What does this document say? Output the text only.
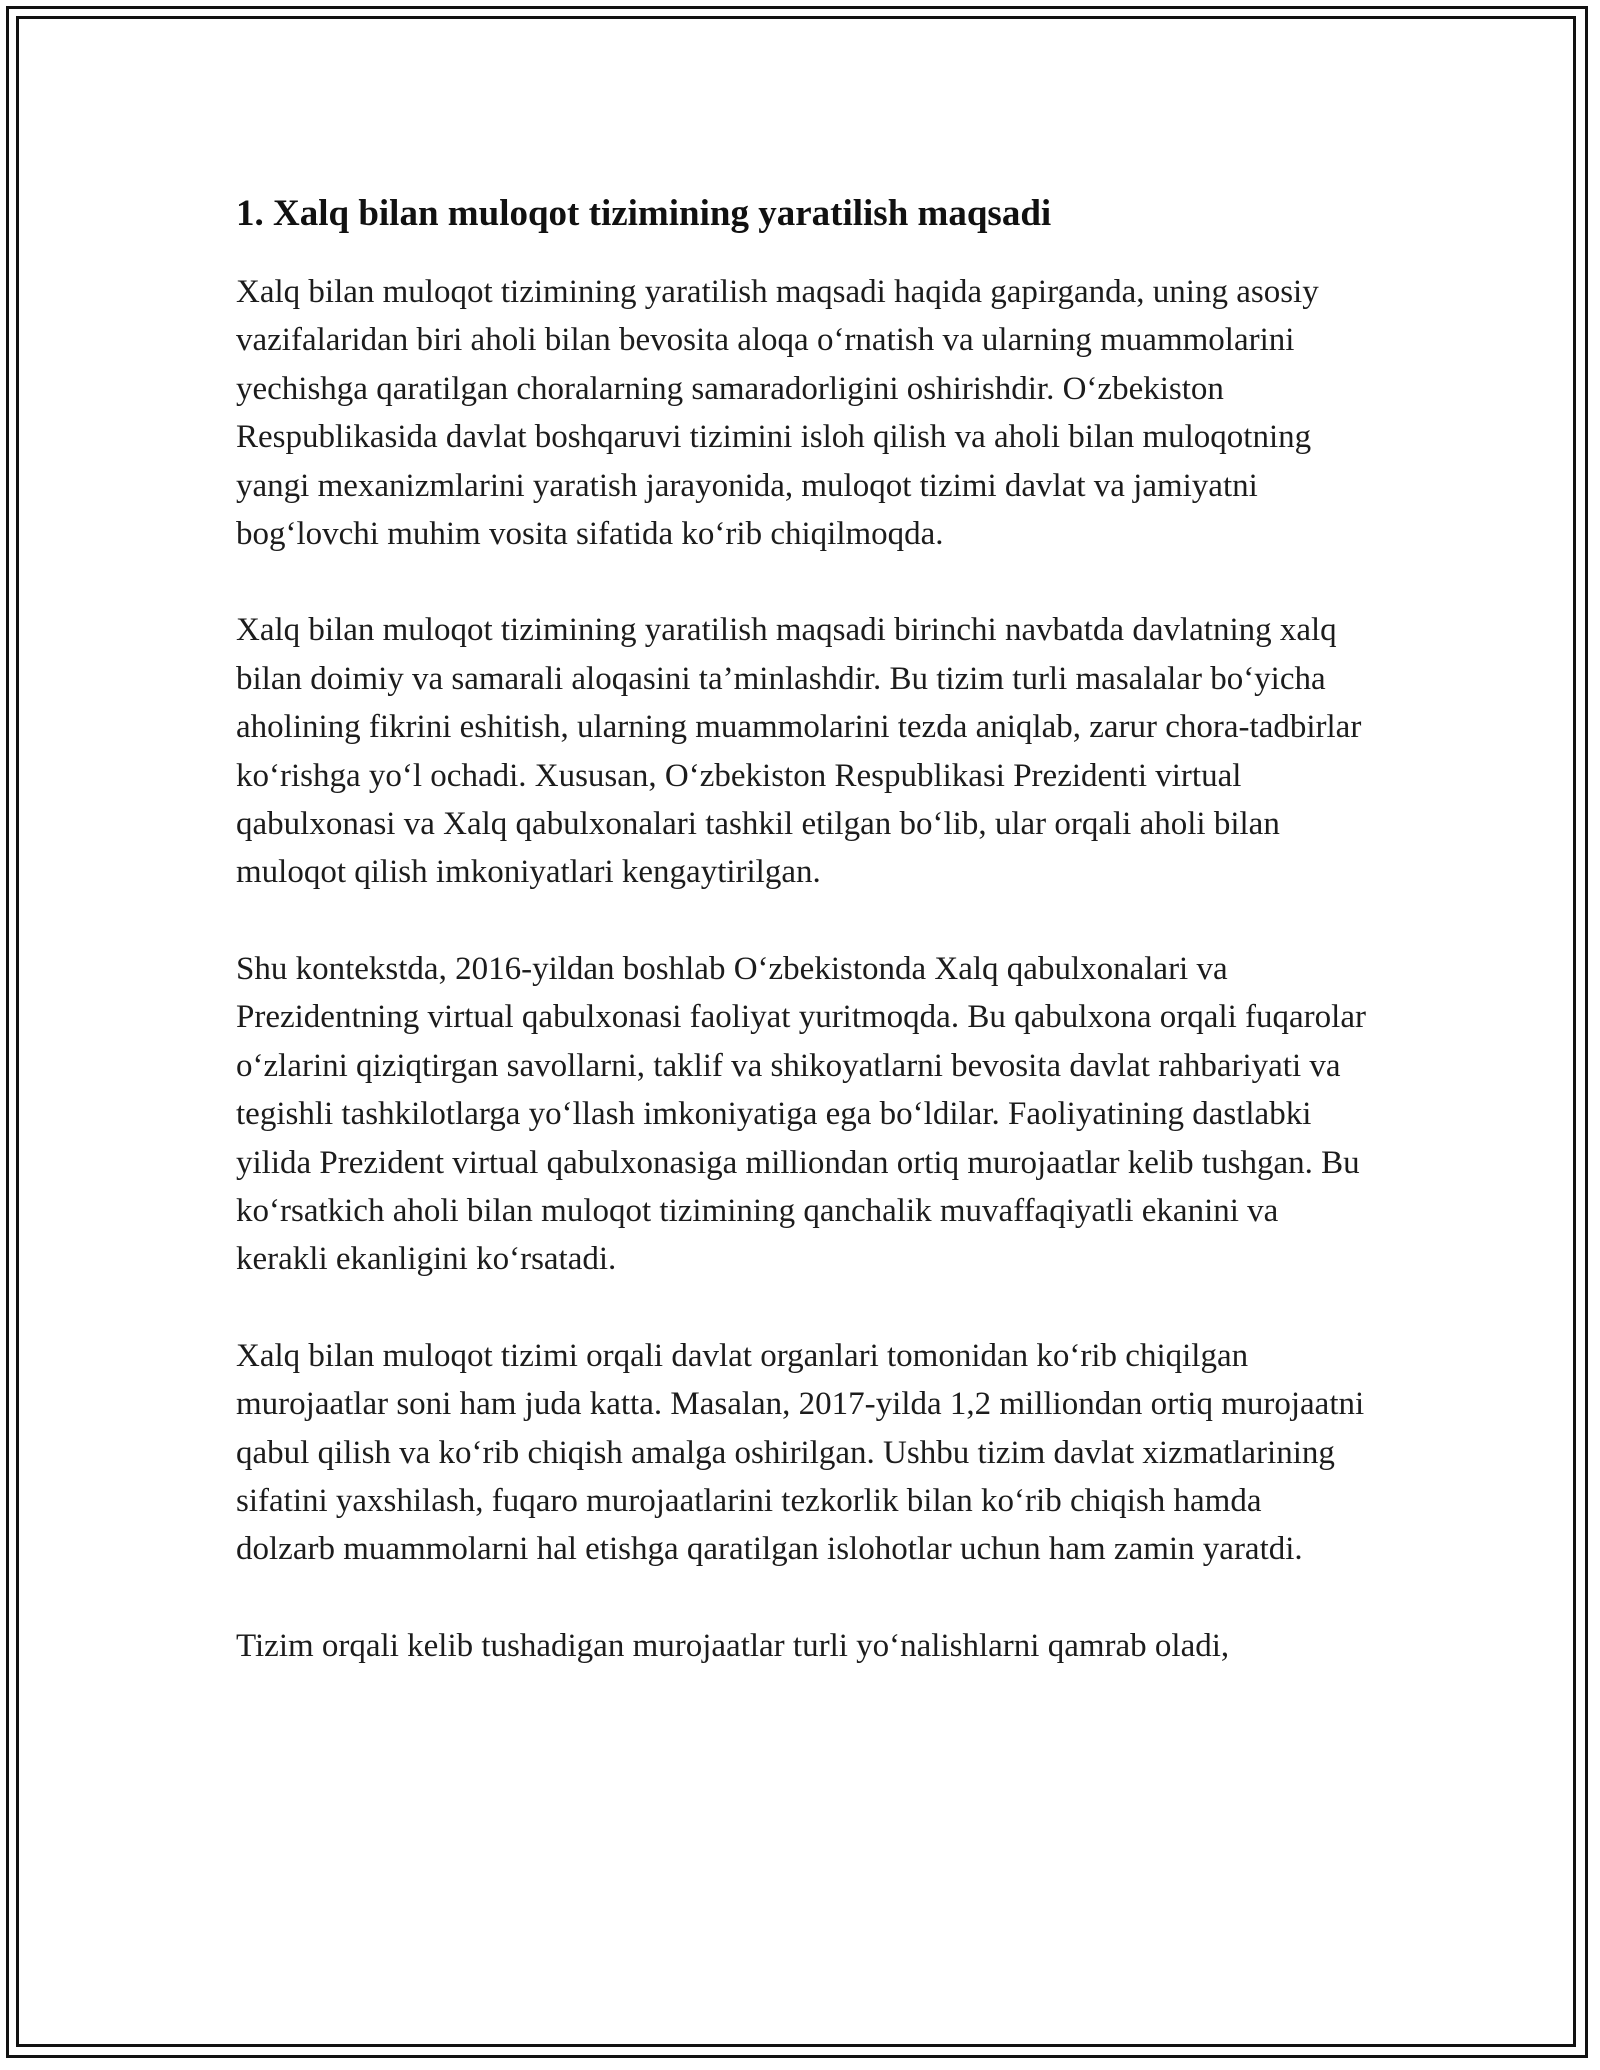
1. Xalq bilan muloqot tizimining yaratilish maqsadi

Xalq bilan muloqot tizimining yaratilish maqsadi haqida gapirganda, uning asosiy vazifalaridan biri aholi bilan bevosita aloqa oʻrnatish va ularning muammolarini yechishga qaratilgan choralarning samaradorligini oshirishdir. Oʻzbekiston Respublikasida davlat boshqaruvi tizimini isloh qilish va aholi bilan muloqotning yangi mexanizmlarini yaratish jarayonida, muloqot tizimi davlat va jamiyatni bogʻlovchi muhim vosita sifatida koʻrib chiqilmoqda.

Xalq bilan muloqot tizimining yaratilish maqsadi birinchi navbatda davlatning xalq bilan doimiy va samarali aloqasini ta’minlashdir. Bu tizim turli masalalar boʻyicha aholining fikrini eshitish, ularning muammolarini tezda aniqlab, zarur chora-tadbirlar koʻrishga yoʻl ochadi. Xususan, Oʻzbekiston Respublikasi Prezidenti virtual qabulxonasi va Xalq qabulxonalari tashkil etilgan boʻlib, ular orqali aholi bilan muloqot qilish imkoniyatlari kengaytirilgan.

Shu kontekstda, 2016-yildan boshlab Oʻzbekistonda Xalq qabulxonalari va Prezidentning virtual qabulxonasi faoliyat yuritmoqda. Bu qabulxona orqali fuqarolar oʻzlarini qiziqtirgan savollarni, taklif va shikoyatlarni bevosita davlat rahbariyati va tegishli tashkilotlarga yoʻllash imkoniyatiga ega boʻldilar. Faoliyatining dastlabki yilida Prezident virtual qabulxonasiga milliondan ortiq murojaatlar kelib tushgan. Bu koʻrsatkich aholi bilan muloqot tizimining qanchalik muvaffaqiyatli ekanini va kerakli ekanligini koʻrsatadi.

Xalq bilan muloqot tizimi orqali davlat organlari tomonidan koʻrib chiqilgan murojaatlar soni ham juda katta. Masalan, 2017-yilda 1,2 milliondan ortiq murojaatni qabul qilish va koʻrib chiqish amalga oshirilgan. Ushbu tizim davlat xizmatlarining sifatini yaxshilash, fuqaro murojaatlarini tezkorlik bilan koʻrib chiqish hamda dolzarb muammolarni hal etishga qaratilgan islohotlar uchun ham zamin yaratdi.

Tizim orqali kelib tushadigan murojaatlar turli yoʻnalishlarni qamrab oladi,
